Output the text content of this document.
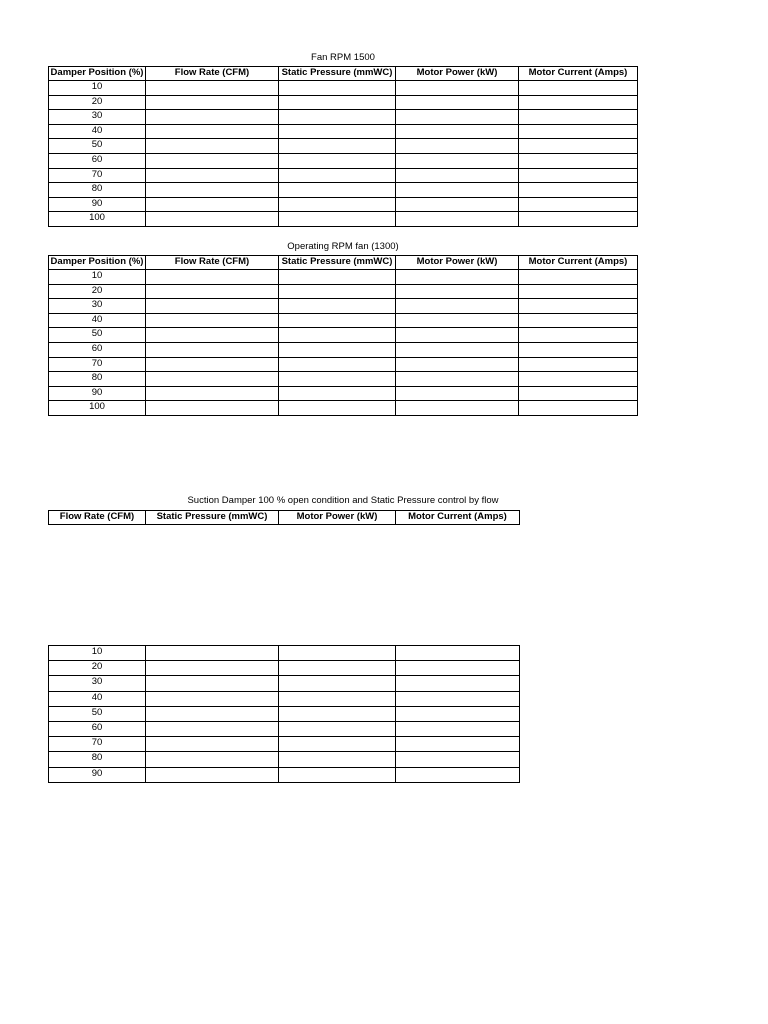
Fan RPM 1500
Damper Position (%)	Flow Rate (CFM)	Static Pressure (mmWC)	Motor Power (kW)	Motor Current (Amps)
10				
20				
30				
40				
50				
60				
70				
80				
90				
100				
Operating RPM fan (1300)
Damper Position (%)	Flow Rate (CFM)	Static Pressure (mmWC)	Motor Power (kW)	Motor Current (Amps)
10				
20				
30				
40				
50				
60				
70				
80				
90				
100				
Suction Damper 100 % open condition and Static Pressure control by flow
Flow Rate (CFM)	Static Pressure (mmWC)	Motor Power (kW)	Motor Current (Amps)
10			
20			
30			
40			
50			
60			
70			
80			
90			
